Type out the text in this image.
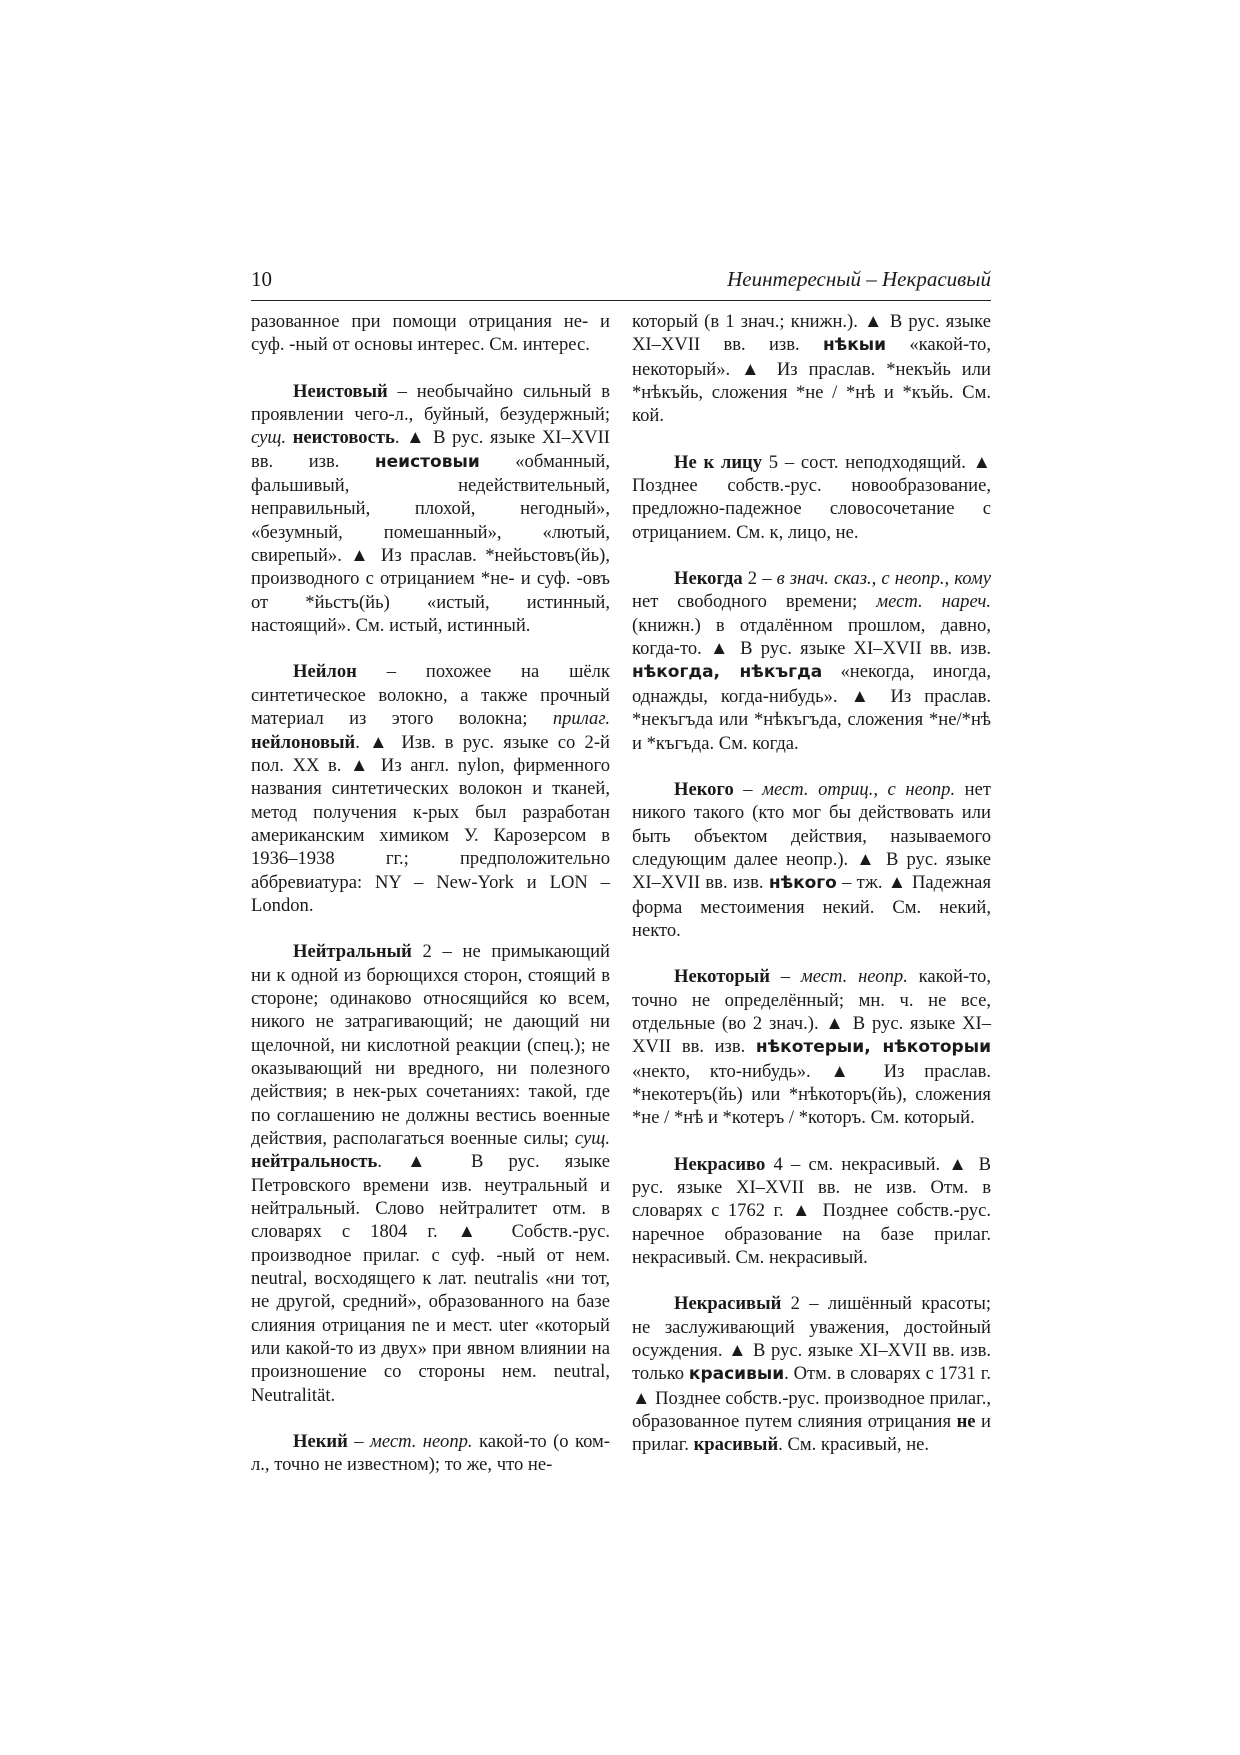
10	Неинтересный – Некрасивый

разованное при помощи отрицания не- и суф. -ный от основы интерес. См. интерес.

Неистовый – необычайно сильный в проявлении чего-л., буйный, безудержный; сущ. неистовость. ▲ В рус. языке XI–XVII вв. изв. неистовыи «обманный, фальшивый, недействительный, неправильный, плохой, негодный», «безумный, помешанный», «лютый, свирепый». ▲ Из праслав. *нейьстовъ(йь), производного с отрицанием *не- и суф. -овъ от *йьстъ(йь) «истый, истинный, настоящий». См. истый, истинный.

Нейлон – похожее на шёлк синтетическое волокно, а также прочный материал из этого волокна; прилаг. нейлоновый. ▲ Изв. в рус. языке со 2-й пол. XX в. ▲ Из англ. nylon, фирменного названия синтетических волокон и тканей, метод получения к-рых был разработан американским химиком У. Карозерсом в 1936–1938 гг.; предположительно аббревиатура: NY – New-York и LON – London.

Нейтральный 2 – не примыкающий ни к одной из борющихся сторон, стоящий в стороне; одинаково относящийся ко всем, никого не затрагивающий; не дающий ни щелочной, ни кислотной реакции (спец.); не оказывающий ни вредного, ни полезного действия; в нек-рых сочетаниях: такой, где по соглашению не должны вестись военные действия, располагаться военные силы; сущ. нейтральность. ▲ В рус. языке Петровского времени изв. неутральный и нейтральный. Слово нейтралитет отм. в словарях с 1804 г. ▲ Собств.-рус. производное прилаг. с суф. -ный от нем. neutral, восходящего к лат. neutralis «ни тот, не другой, средний», образованного на базе слияния отрицания ne и мест. uter «который или какой-то из двух» при явном влиянии на произношение со стороны нем. neutral, Neutralität.

Некий – мест. неопр. какой-то (о ком-л., точно не известном); то же, что не-

который (в 1 знач.; книжн.). ▲ В рус. языке XI–XVII вв. изв. нѣкыи «какой-то, некоторый». ▲ Из праслав. *некъйь или *нѣкъйь, сложения *не / *нѣ и *къйь. См. кой.

Не к лицу 5 – сост. неподходящий. ▲ Позднее собств.-рус. новообразование, предложно-падежное словосочетание с отрицанием. См. к, лицо, не.

Некогда 2 – в знач. сказ., с неопр., кому нет свободного времени; мест. нареч. (книжн.) в отдалённом прошлом, давно, когда-то. ▲ В рус. языке XI–XVII вв. изв. нѣкогда, нѣкъгда «некогда, иногда, однажды, когда-нибудь». ▲ Из праслав. *некъгъда или *нѣкъгъда, сложения *не/*нѣ и *къгъда. См. когда.

Некого – мест. отриц., с неопр. нет никого такого (кто мог бы действовать или быть объектом действия, называемого следующим далее неопр.). ▲ В рус. языке XI–XVII вв. изв. нѣкого – тж. ▲ Падежная форма местоимения некий. См. некий, некто.

Некоторый – мест. неопр. какой-то, точно не определённый; мн. ч. не все, отдельные (во 2 знач.). ▲ В рус. языке XI–XVII вв. изв. нѣкотерыи, нѣкоторыи «некто, кто-нибудь». ▲ Из праслав. *некотеръ(йь) или *нѣкоторъ(йь), сложения *не / *нѣ и *котеръ / *которъ. См. который.

Некрасиво 4 – см. некрасивый. ▲ В рус. языке XI–XVII вв. не изв. Отм. в словарях с 1762 г. ▲ Позднее собств.-рус. наречное образование на базе прилаг. некрасивый. См. некрасивый.

Некрасивый 2 – лишённый красоты; не заслуживающий уважения, достойный осуждения. ▲ В рус. языке XI–XVII вв. изв. только красивыи. Отм. в словарях с 1731 г. ▲ Позднее собств.-рус. производное прилаг., образованное путем слияния отрицания не и прилаг. красивый. См. красивый, не.
